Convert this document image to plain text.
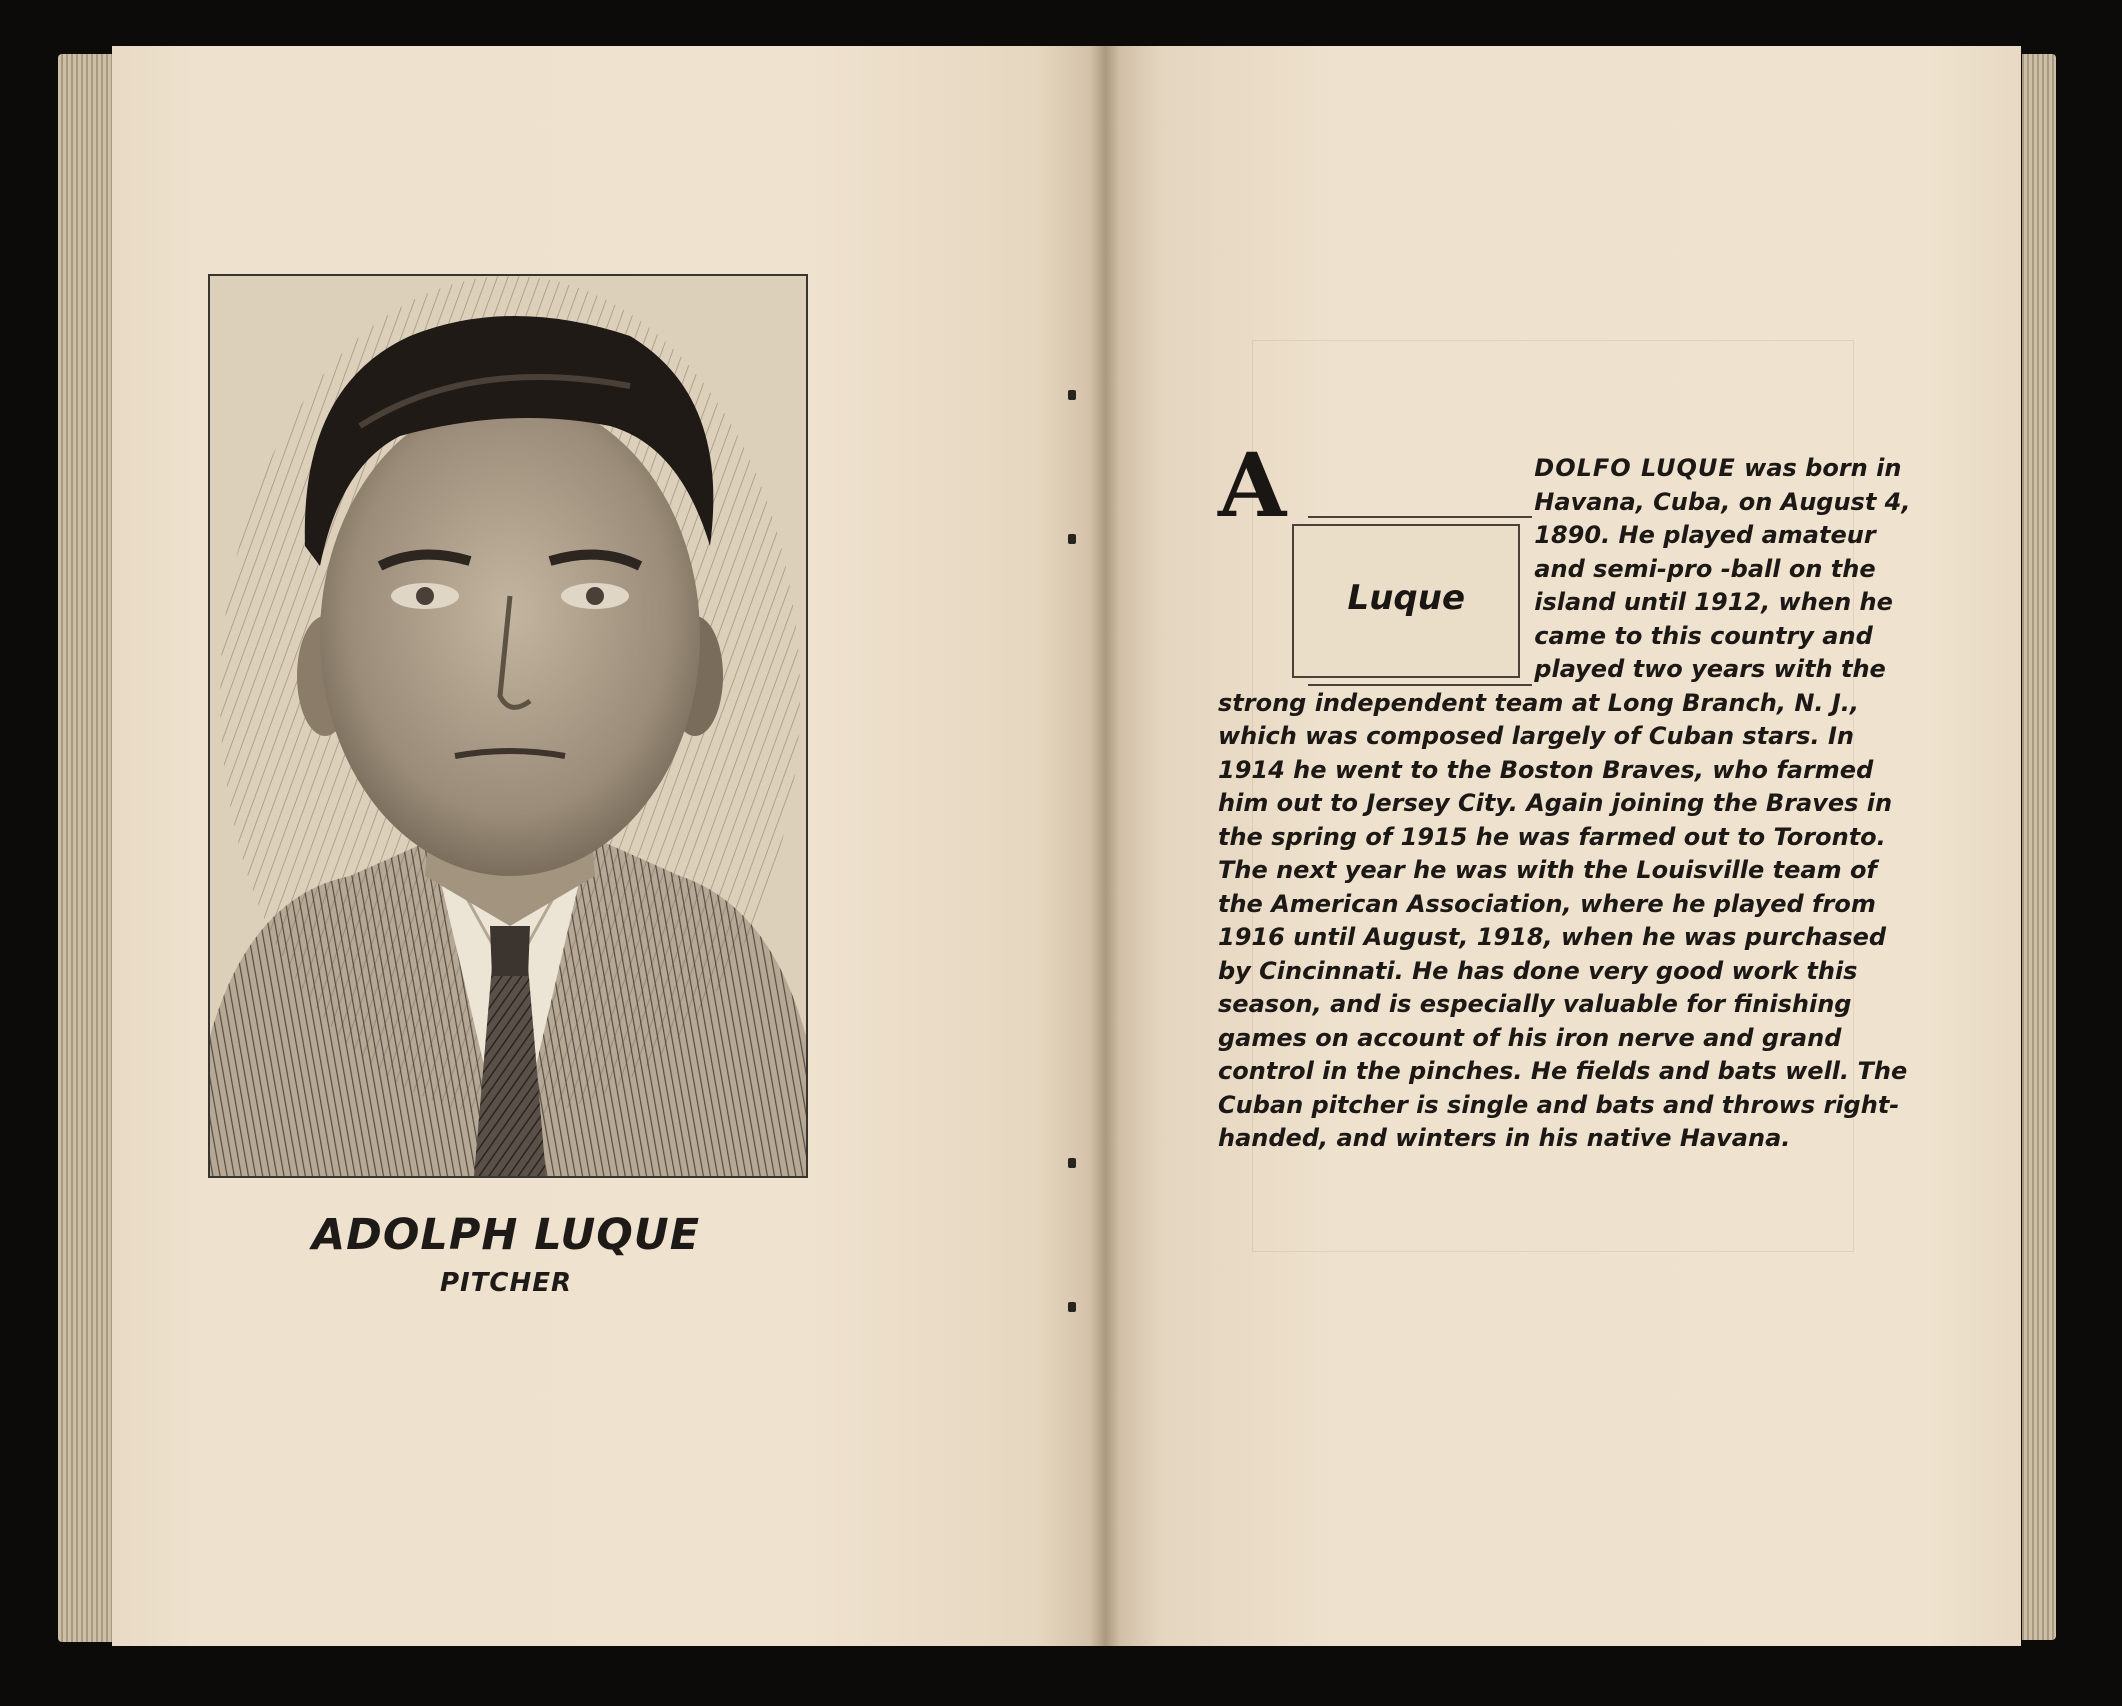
ADOLPH LUQUE
PITCHER
A	DOLFO LUQUE
Luque
was born in Havana, Cuba, on August 4, 1890. He played amateur and semi-pro -ball on the island until 1912, when he came to this country and played two years with the strong independent team at Long Branch, N. J., which was composed largely of Cuban stars. In 1914 he went to the Boston Braves, who farmed him out to Jersey City. Again joining the Braves in the spring of 1915 he was farmed out to Toronto. The next year he was with the Louisville team of the American Association, where he played from 1916 until August, 1918, when he was purchased by Cincinnati. He has done very good work this season, and is especially valuable for finishing games on account of his iron nerve and grand control in the pinches. He fields and bats well. The Cuban pitcher is single and bats and throws right-handed, and winters in his native Havana.
